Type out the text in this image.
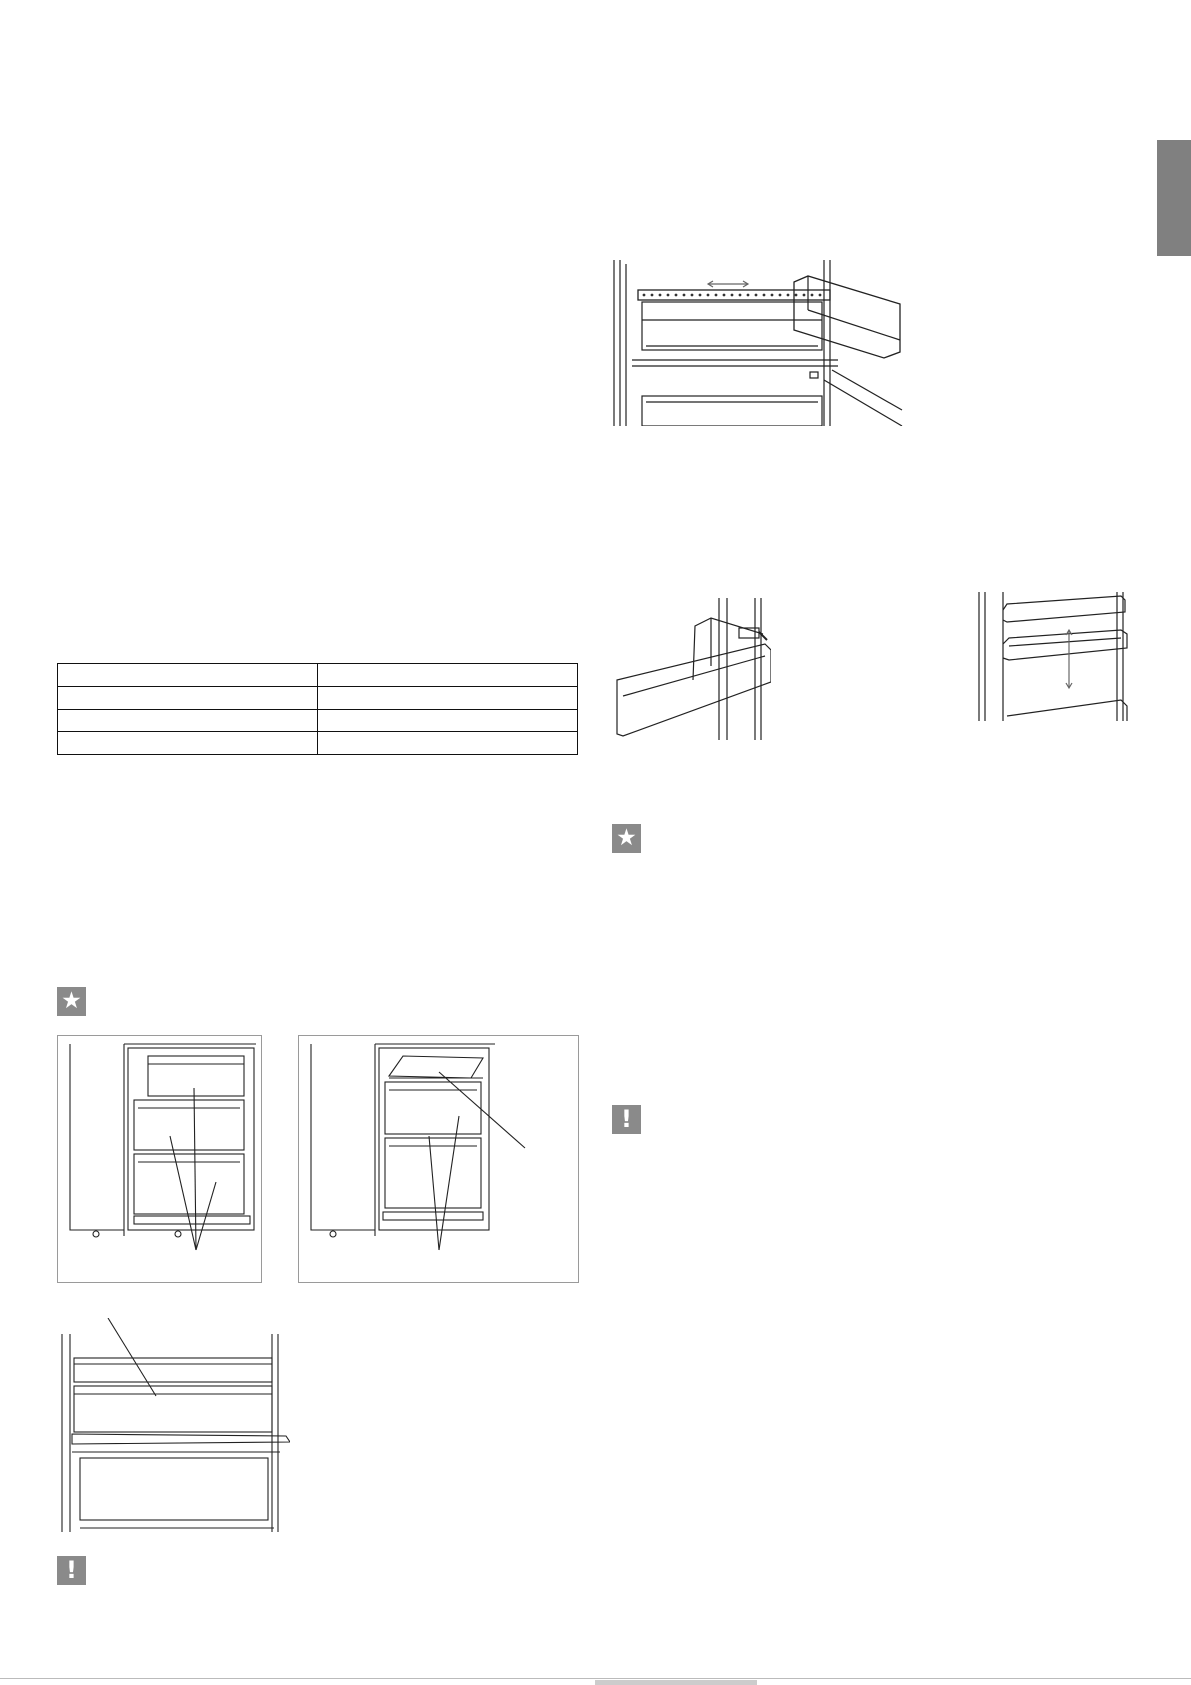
★
!
★
!
